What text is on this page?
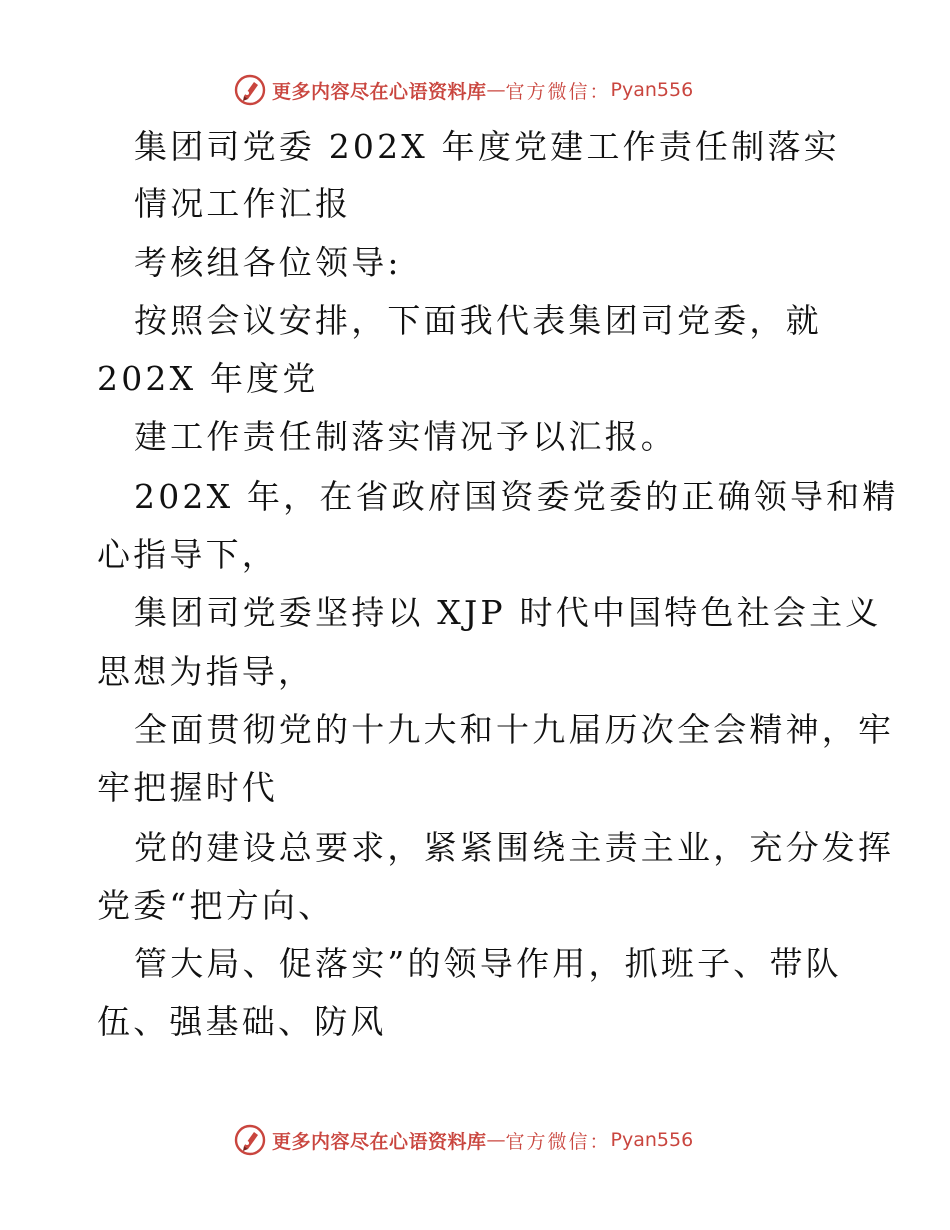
更多内容尽在心语资料库 — 官方微信： Pyan556
集团司党委 202X 年度党建工作责任制落实
情况工作汇报
考核组各位领导:
按照会议安排，下面我代表集团司党委，就
202X 年度党
建工作责任制落实情况予以汇报。
202X 年，在省政府国资委党委的正确领导和精
心指导下，
集团司党委坚持以 XJP 时代中国特色社会主义
思想为指导，
全面贯彻党的十九大和十九届历次全会精神，牢
牢把握时代
党的建设总要求，紧紧围绕主责主业，充分发挥
党委“把方向、
管大局、促落实”的领导作用，抓班子、带队
伍、强基础、防风
更多内容尽在心语资料库 — 官方微信： Pyan556
